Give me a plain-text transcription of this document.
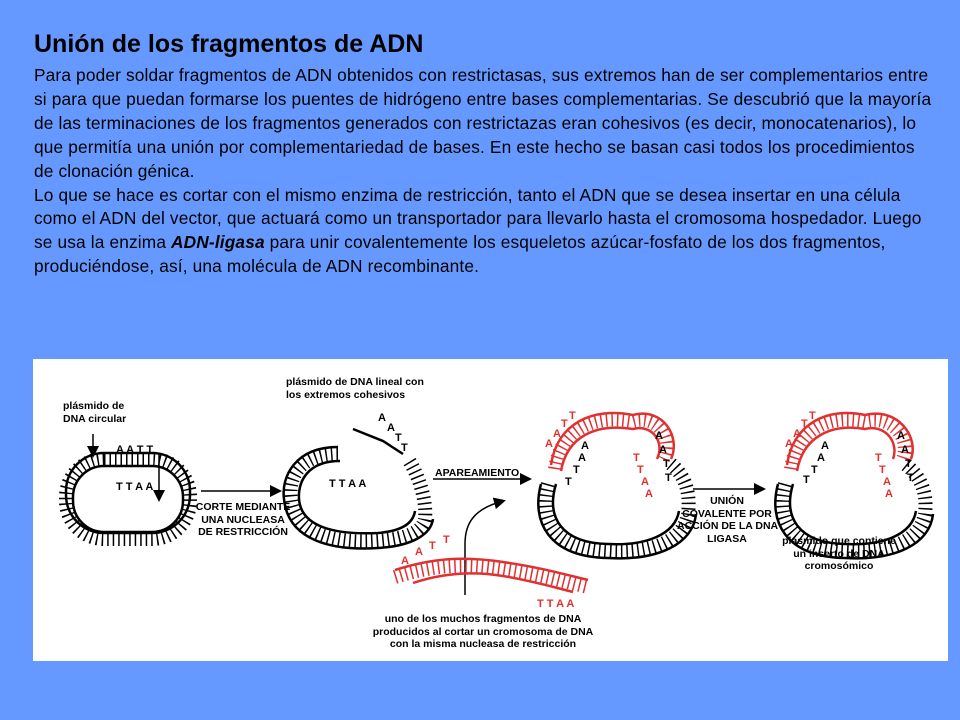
Unión de los fragmentos de ADN

Para poder soldar fragmentos de ADN obtenidos con restrictasas, sus extremos han de ser complementarios entre si para que puedan formarse los puentes de hidrógeno entre bases complementarias. Se descubrió que la mayoría de las terminaciones de los fragmentos generados con restrictazas eran cohesivos (es decir, monocatenarios), lo que permitía una unión por complementariedad de bases. En este hecho se basan casi todos los procedimientos de clonación génica.

Lo que se hace es cortar con el mismo enzima de restricción, tanto el ADN que se desea insertar en una célula como el ADN del vector, que actuará como un transportador para llevarlo hasta el cromosoma hospedador. Luego se usa la enzima ADN-ligasa para unir covalentemente los esqueletos azúcar-fosfato de los dos fragmentos, produciéndose, así, una molécula de ADN recombinante.

A A T T
T T A A
A
A
T
T
T T A A
A
A
T
T
T
T
A
A
A
A
T
T
A
A
T
T
A
A
T
T
T
T
A
A
A
A
T
T
A
A
T
T
A
A T T
T T A A
plásmido de
DNA circular
plásmido de DNA lineal con
los extremos cohesivos
CORTE MEDIANTE
UNA NUCLEASA
DE RESTRICCIÓN
APAREAMIENTO
UNIÓN
COVALENTE POR
ACCIÓN DE LA DNA
LIGASA	plásmido que contiene
un inserto de DNA
cromosómico
uno de los muchos fragmentos de DNA
producidos al cortar un cromosoma de DNA
con la misma nucleasa de restricción
